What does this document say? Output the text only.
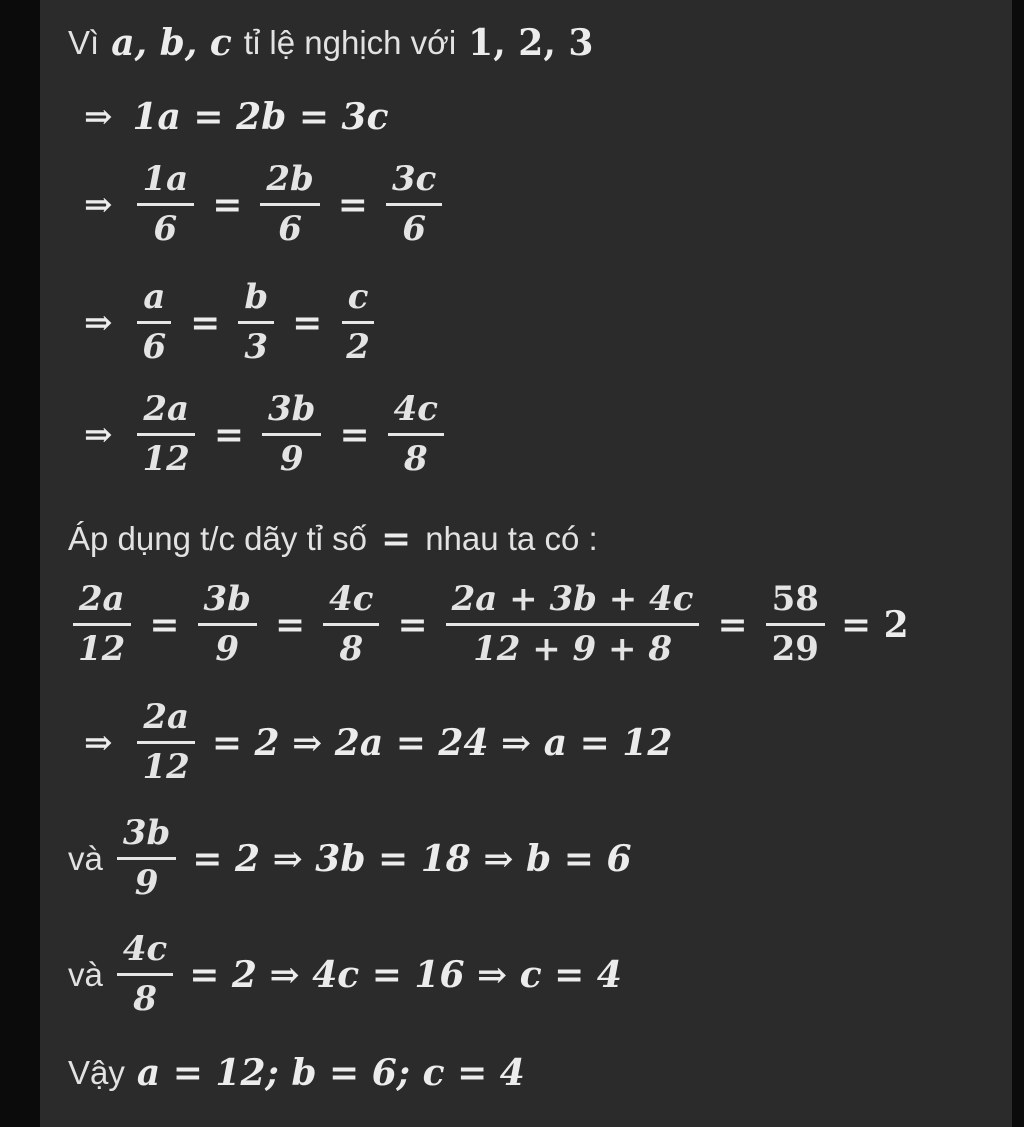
Vì a, b, c tỉ lệ nghịch với 1, 2, 3
⇒ 1a = 2b = 3c
⇒ $\frac{1a}{6} = \frac{2b}{6} = \frac{3c}{6}$
⇒ $\frac{a}{6} = \frac{b}{3} = \frac{c}{2}$
⇒ $\frac{2a}{12} = \frac{3b}{9} = \frac{4c}{8}$
Áp dụng t/c dãy tỉ số = nhau ta có :
$\frac{2a}{12} = \frac{3b}{9} = \frac{4c}{8} = \frac{2a + 3b + 4c}{12 + 9 + 8} = \frac{58}{29} = 2$
⇒ $\frac{2a}{12} = 2$ ⇒ 2a = 24 ⇒ a = 12
và $\frac{3b}{9} = 2$ ⇒ 3b = 18 ⇒ b = 6
và $\frac{4c}{8} = 2$ ⇒ 4c = 16 ⇒ c = 4
Vậy a = 12; b = 6; c = 4
